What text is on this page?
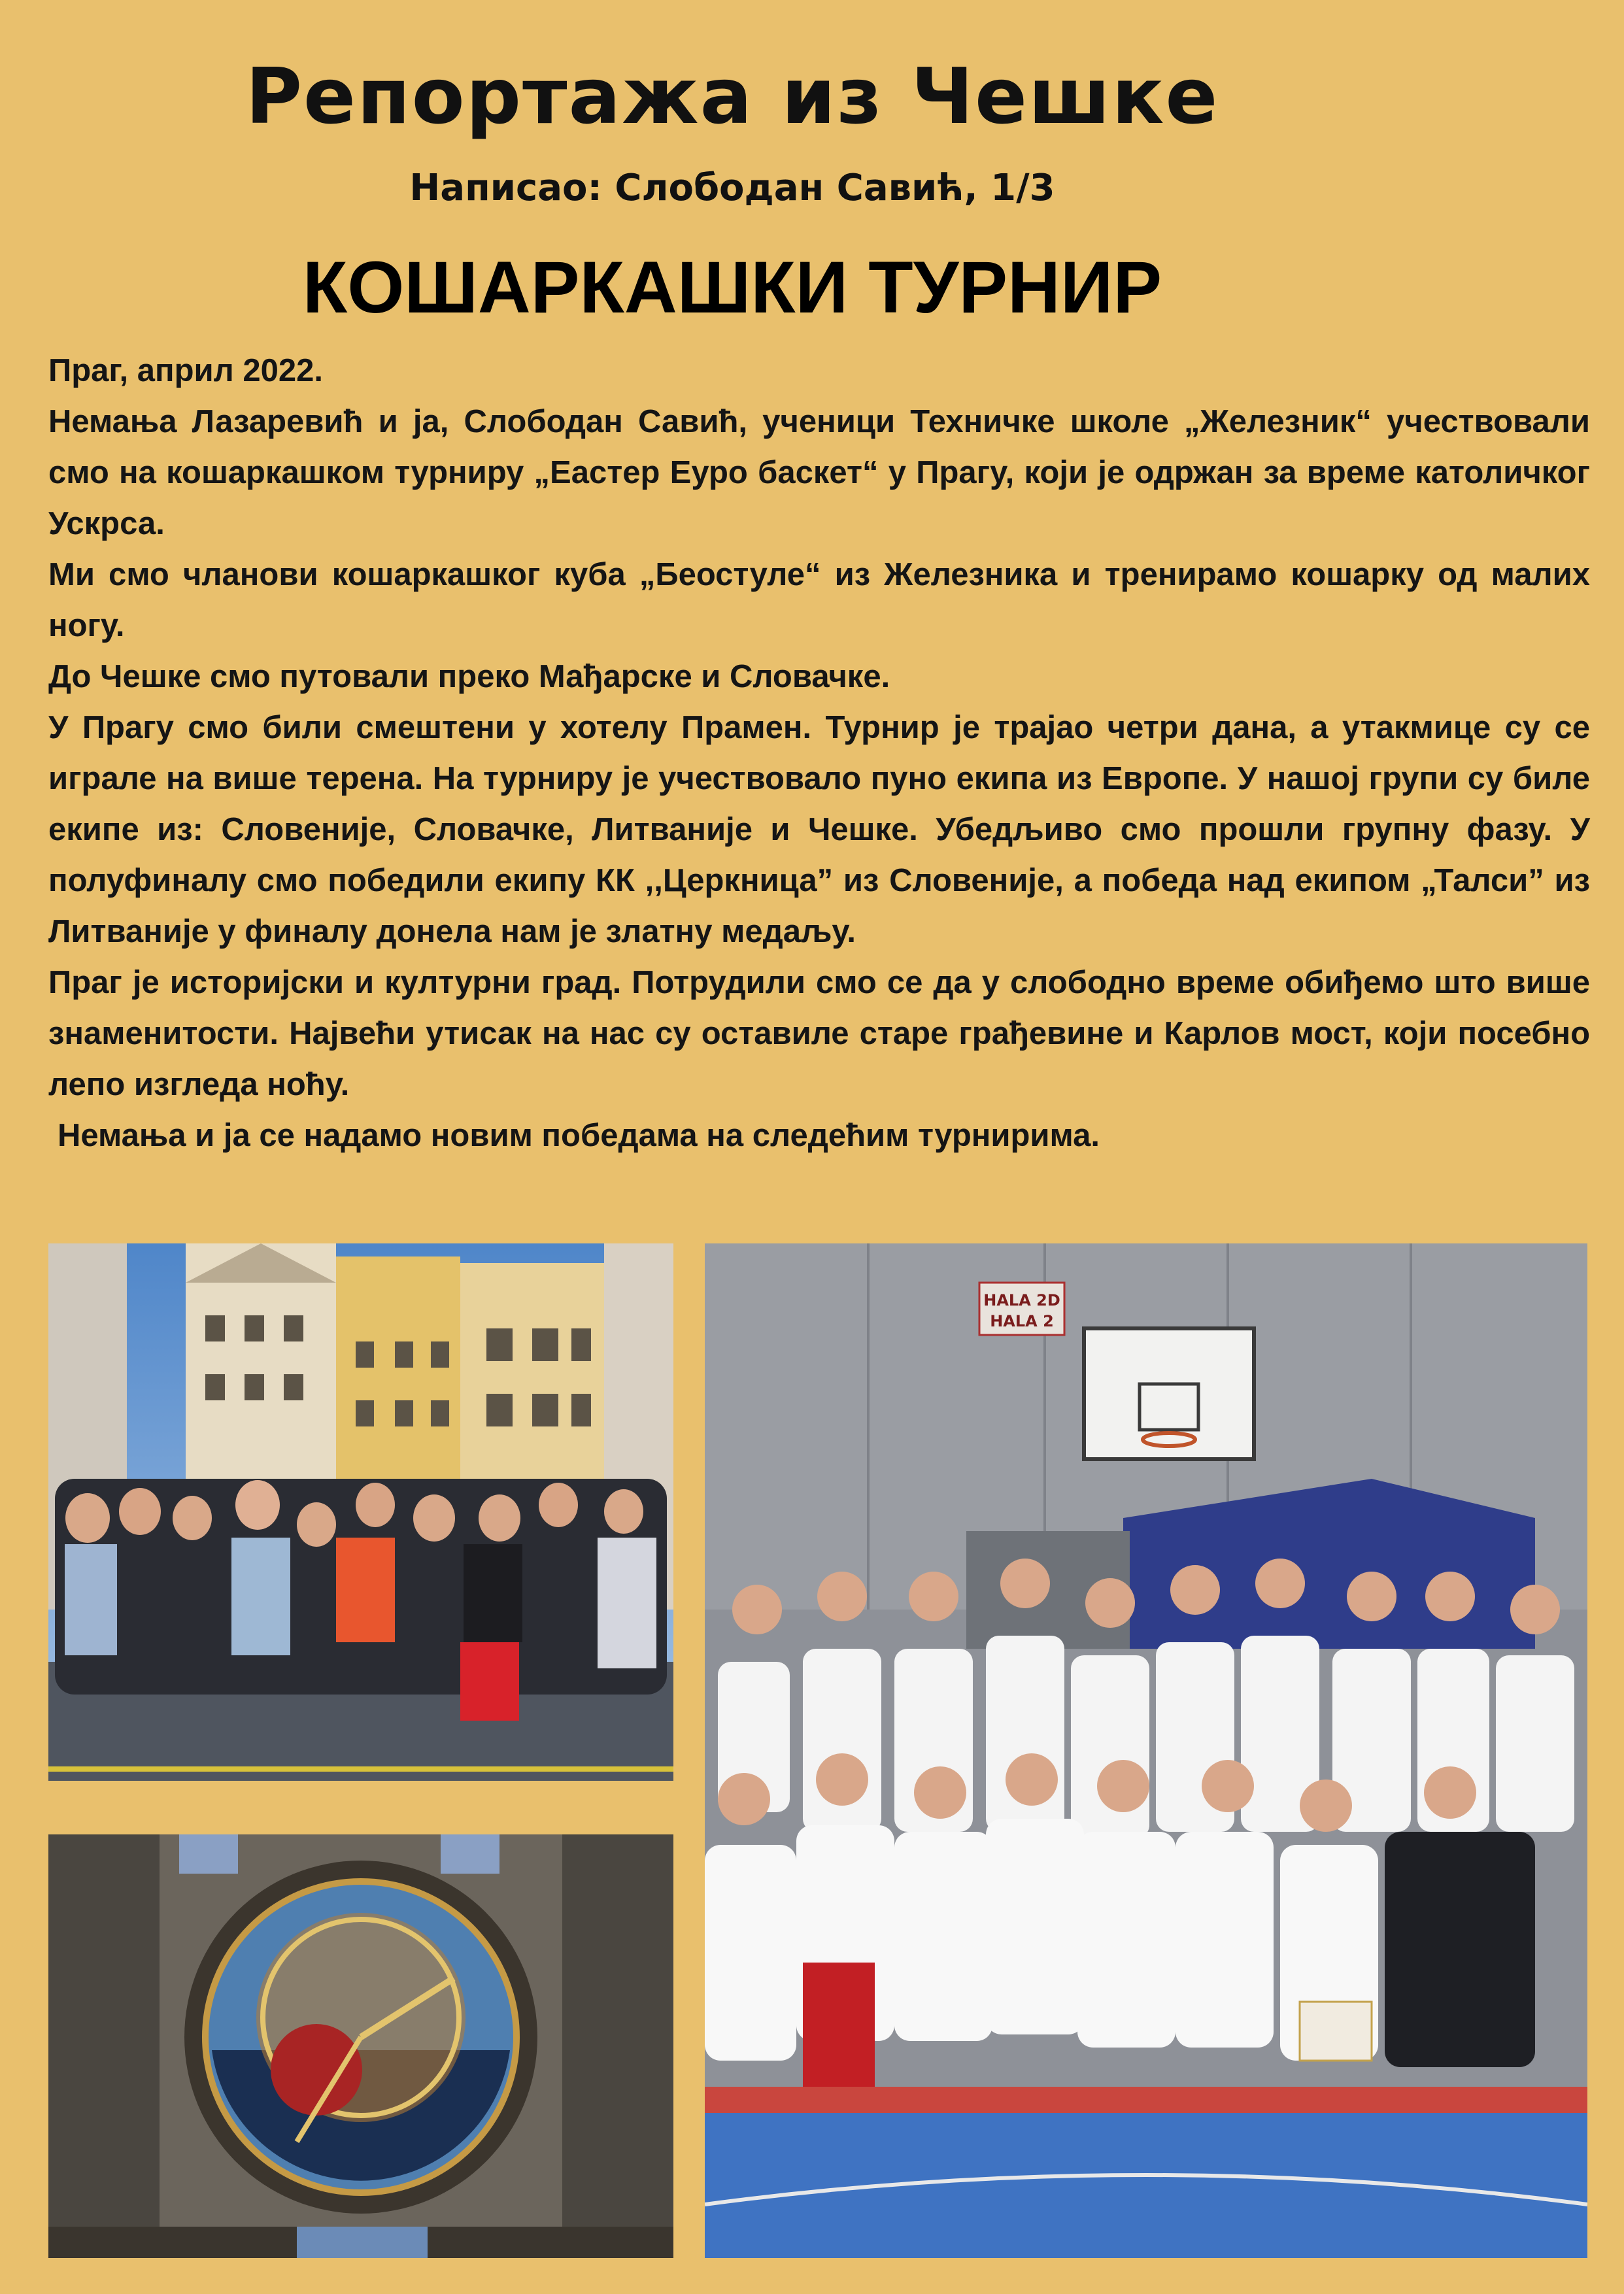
Репортажа из Чешке
Написао: Слободан Савић, 1/3
КОШАРКАШКИ ТУРНИР

Праг, април 2022.

Немања Лазаревић и ја, Слободан Савић, ученици Техничке школе „Железник“ учествовали смо на кошаркашком турниру „Еастер Еуро баскет“ у Прагу, који је одржан за време католичког Ускрса.

Ми смо чланови кошаркашког куба „Беостуле“ из Железника и тренирамо кошарку од малих ногу.

До Чешке смо путовали преко Мађарске и Словачке.

У Прагу смо били смештени у хотелу Прамен. Турнир је трајао четри дана, а утакмице су се играле на више терена. На турниру је учествовало пуно екипа из Европе. У нашој групи су биле екипе из: Словеније, Словачке, Литваније и Чешке. Убедљиво смо прошли групну фазу. У полуфиналу смо победили екипу КК ,,Церкница” из Словеније, а победа над екипом „Талси” из Литваније у финалу донела нам је златну медаљу.

Праг је историјски и културни град. Потрудили смо се да у слободно време обиђемо што више знаменитости. Највећи утисак на нас су оставиле старе грађевине и Карлов мост, који посебно лепо изгледа ноћу.

Немања и ја се надамо новим победама на следећим турнирима.

HALA 2D
HALA 2
